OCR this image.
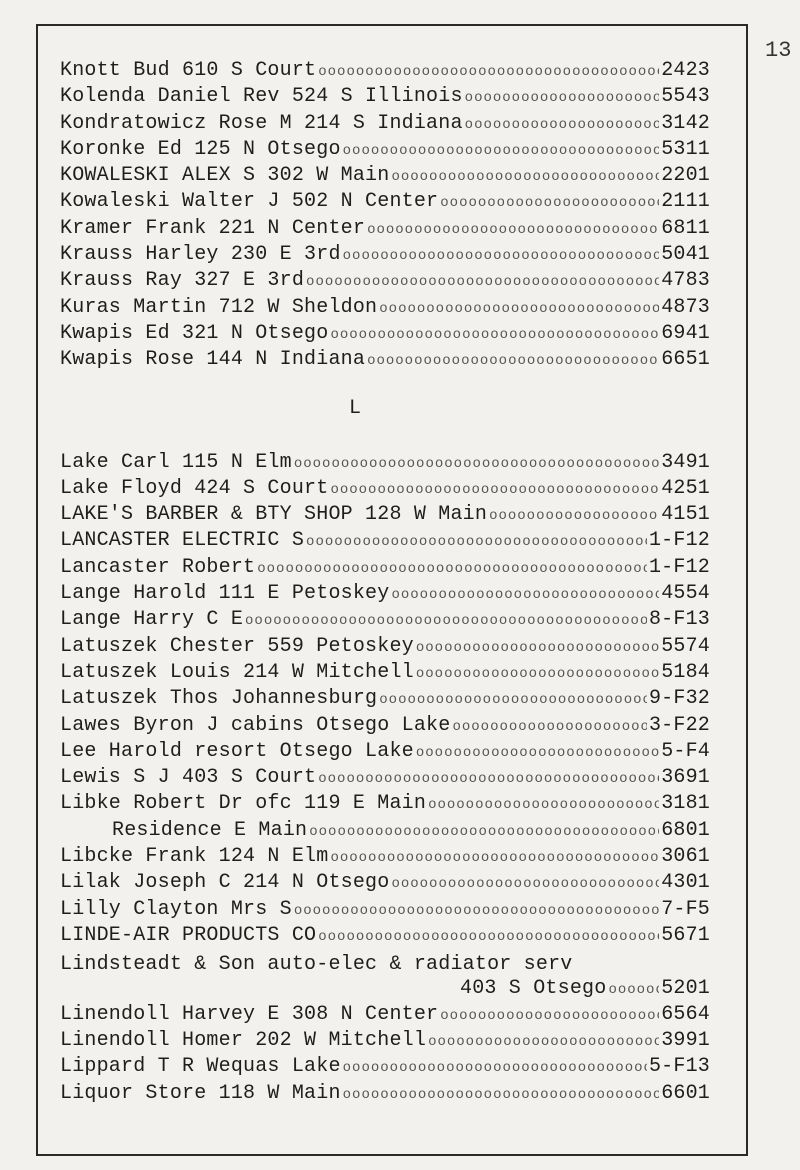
13
Knott Bud 610 S Court ooooooooooooooooooooooooooooooooooooooooooooooooooooooooooooooooooooooooooooooooooooooooooooooooooooooooo	2423
Kolenda Daniel Rev 524 S Illinois ooooooooooooooooooooooooooooooooooooooooooooooooooooooooooooooooooooooooooooooooooooooooooooooooooooooooo	5543
Kondratowicz Rose M 214 S Indiana ooooooooooooooooooooooooooooooooooooooooooooooooooooooooooooooooooooooooooooooooooooooooooooooooooooooooo	3142
Koronke Ed 125 N Otsego ooooooooooooooooooooooooooooooooooooooooooooooooooooooooooooooooooooooooooooooooooooooooooooooooooooooooo	5311
KOWALESKI ALEX S 302 W Main ooooooooooooooooooooooooooooooooooooooooooooooooooooooooooooooooooooooooooooooooooooooooooooooooooooooooo	2201
Kowaleski Walter J 502 N Center ooooooooooooooooooooooooooooooooooooooooooooooooooooooooooooooooooooooooooooooooooooooooooooooooooooooooo	2111
Kramer Frank 221 N Center ooooooooooooooooooooooooooooooooooooooooooooooooooooooooooooooooooooooooooooooooooooooooooooooooooooooooo	6811
Krauss Harley 230 E 3rd ooooooooooooooooooooooooooooooooooooooooooooooooooooooooooooooooooooooooooooooooooooooooooooooooooooooooo	5041
Krauss Ray 327 E 3rd ooooooooooooooooooooooooooooooooooooooooooooooooooooooooooooooooooooooooooooooooooooooooooooooooooooooooo	4783
Kuras Martin 712 W Sheldon ooooooooooooooooooooooooooooooooooooooooooooooooooooooooooooooooooooooooooooooooooooooooooooooooooooooooo	4873
Kwapis Ed 321 N Otsego ooooooooooooooooooooooooooooooooooooooooooooooooooooooooooooooooooooooooooooooooooooooooooooooooooooooooo	6941
Kwapis Rose 144 N Indiana ooooooooooooooooooooooooooooooooooooooooooooooooooooooooooooooooooooooooooooooooooooooooooooooooooooooooo	6651
L
Lake Carl 115 N Elm ooooooooooooooooooooooooooooooooooooooooooooooooooooooooooooooooooooooooooooooooooooooooooooooooooooooooo	3491
Lake Floyd 424 S Court ooooooooooooooooooooooooooooooooooooooooooooooooooooooooooooooooooooooooooooooooooooooooooooooooooooooooo	4251
LAKE'S BARBER & BTY SHOP 128 W Main ooooooooooooooooooooooooooooooooooooooooooooooooooooooooooooooooooooooooooooooooooooooooooooooooooooooooo	4151
LANCASTER ELECTRIC S ooooooooooooooooooooooooooooooooooooooooooooooooooooooooooooooooooooooooooooooooooooooooooooooooooooooooo	1-F12
Lancaster Robert ooooooooooooooooooooooooooooooooooooooooooooooooooooooooooooooooooooooooooooooooooooooooooooooooooooooooo	1-F12
Lange Harold 111 E Petoskey ooooooooooooooooooooooooooooooooooooooooooooooooooooooooooooooooooooooooooooooooooooooooooooooooooooooooo	4554
Lange Harry C E ooooooooooooooooooooooooooooooooooooooooooooooooooooooooooooooooooooooooooooooooooooooooooooooooooooooooo	8-F13
Latuszek Chester 559 Petoskey ooooooooooooooooooooooooooooooooooooooooooooooooooooooooooooooooooooooooooooooooooooooooooooooooooooooooo	5574
Latuszek Louis 214 W Mitchell ooooooooooooooooooooooooooooooooooooooooooooooooooooooooooooooooooooooooooooooooooooooooooooooooooooooooo	5184
Latuszek Thos Johannesburg ooooooooooooooooooooooooooooooooooooooooooooooooooooooooooooooooooooooooooooooooooooooooooooooooooooooooo	9-F32
Lawes Byron J cabins Otsego Lake ooooooooooooooooooooooooooooooooooooooooooooooooooooooooooooooooooooooooooooooooooooooooooooooooooooooooo	3-F22
Lee Harold resort Otsego Lake ooooooooooooooooooooooooooooooooooooooooooooooooooooooooooooooooooooooooooooooooooooooooooooooooooooooooo	5-F4
Lewis S J 403 S Court ooooooooooooooooooooooooooooooooooooooooooooooooooooooooooooooooooooooooooooooooooooooooooooooooooooooooo	3691
Libke Robert Dr ofc 119 E Main ooooooooooooooooooooooooooooooooooooooooooooooooooooooooooooooooooooooooooooooooooooooooooooooooooooooooo	3181
Residence E Main ooooooooooooooooooooooooooooooooooooooooooooooooooooooooooooooooooooooooooooooooooooooooooooooooooooooooo	6801
Libcke Frank 124 N Elm ooooooooooooooooooooooooooooooooooooooooooooooooooooooooooooooooooooooooooooooooooooooooooooooooooooooooo	3061
Lilak Joseph C 214 N Otsego ooooooooooooooooooooooooooooooooooooooooooooooooooooooooooooooooooooooooooooooooooooooooooooooooooooooooo	4301
Lilly Clayton Mrs S ooooooooooooooooooooooooooooooooooooooooooooooooooooooooooooooooooooooooooooooooooooooooooooooooooooooooo	7-F5
LINDE-AIR PRODUCTS CO ooooooooooooooooooooooooooooooooooooooooooooooooooooooooooooooooooooooooooooooooooooooooooooooooooooooooo	5671
Lindsteadt & Son auto-elec & radiator serv
403 S Otsego ooooooooooooooooooooooooooooooooooooooooooooooooooooooooooooooooooooooooooooooooooooooooooooooooooooooooo	5201
Linendoll Harvey E 308 N Center ooooooooooooooooooooooooooooooooooooooooooooooooooooooooooooooooooooooooooooooooooooooooooooooooooooooooo	6564
Linendoll Homer 202 W Mitchell ooooooooooooooooooooooooooooooooooooooooooooooooooooooooooooooooooooooooooooooooooooooooooooooooooooooooo	3991
Lippard T R Wequas Lake ooooooooooooooooooooooooooooooooooooooooooooooooooooooooooooooooooooooooooooooooooooooooooooooooooooooooo	5-F13
Liquor Store 118 W Main ooooooooooooooooooooooooooooooooooooooooooooooooooooooooooooooooooooooooooooooooooooooooooooooooooooooooo	6601
